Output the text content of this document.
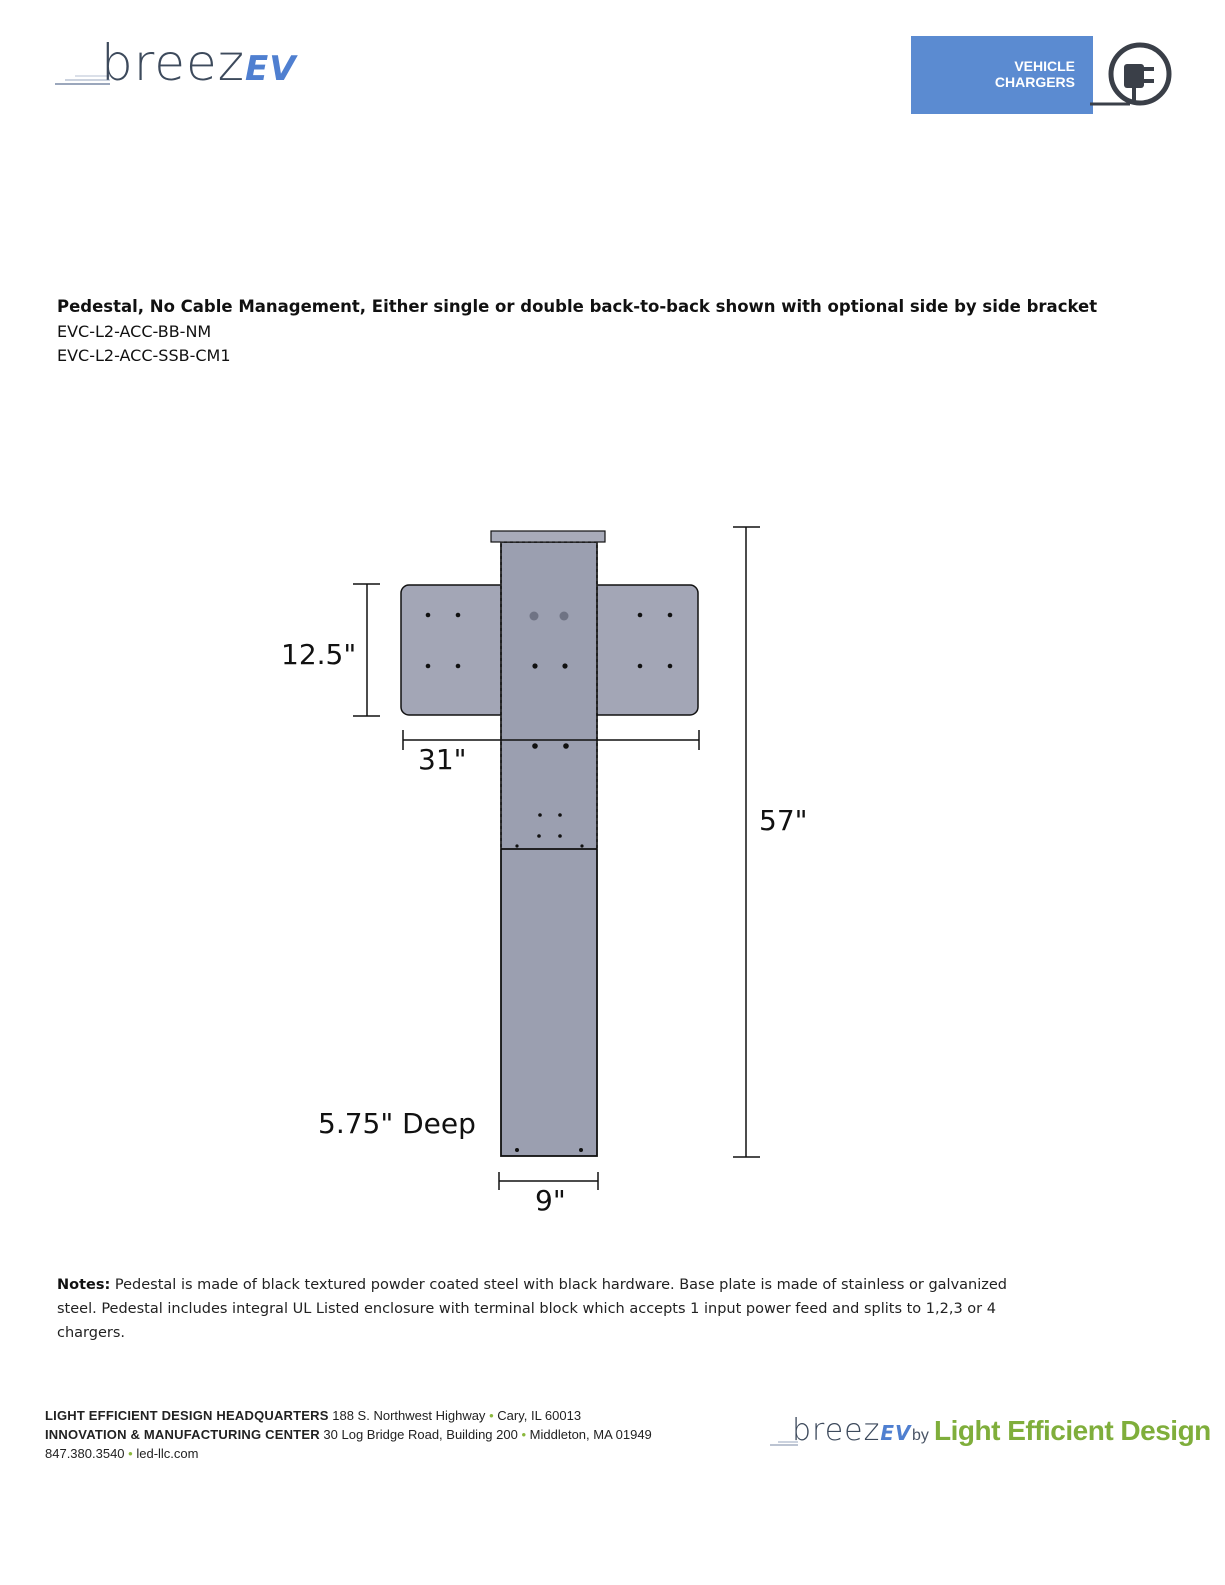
breezEV	VEHICLE
CHARGERS
Pedestal, No Cable Management, Either single or double back-to-back shown with optional side by side bracket
EVC-L2-ACC-BB-NM
EVC-L2-ACC-SSB-CM1
12.5"
31"
57"
5.75" Deep
9"
Notes: Pedestal is made of black textured powder coated steel with black hardware. Base plate is made of stainless or galvanized steel. Pedestal includes integral UL Listed enclosure with terminal block which accepts 1 input power feed and splits to 1,2,3 or 4 chargers.
LIGHT EFFICIENT DESIGN HEADQUARTERS 188 S. Northwest Highway • Cary, IL 60013
INNOVATION & MANUFACTURING CENTER 30 Log Bridge Road, Building 200 • Middleton, MA 01949
847.380.3540 • led-llc.com
breezEV by Light Efficient Design
